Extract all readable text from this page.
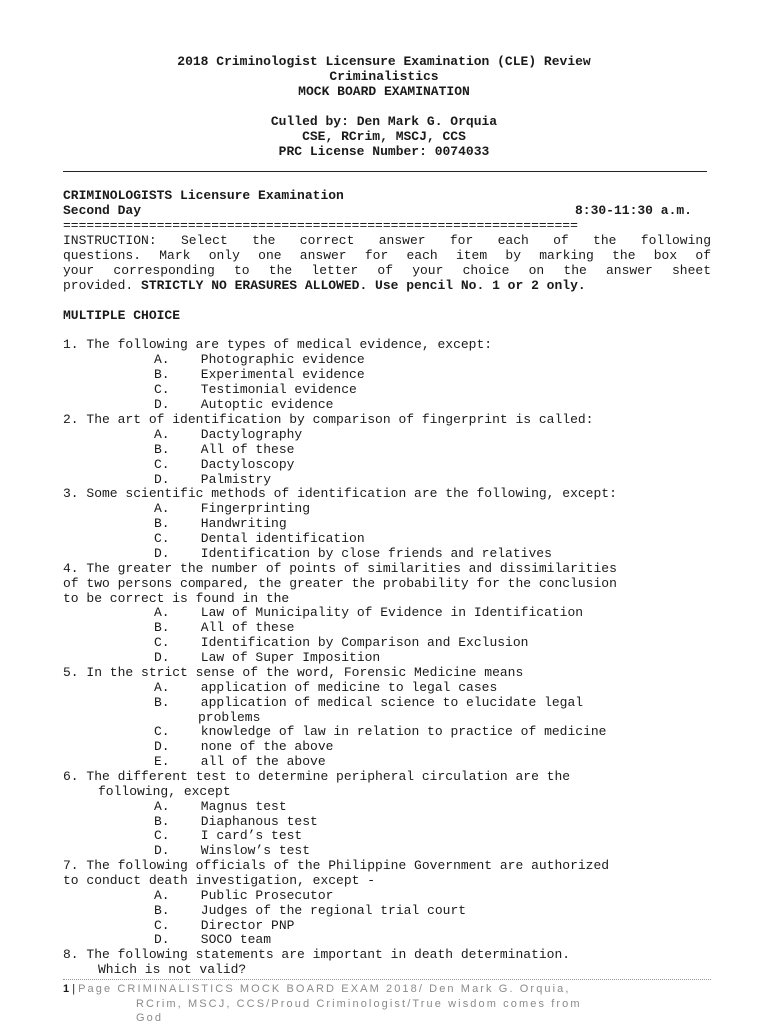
2018 Criminologist Licensure Examination (CLE) Review
Criminalistics
MOCK BOARD EXAMINATION
Culled by: Den Mark G. Orquia
CSE, RCrim, MSCJ, CCS
PRC License Number: 0074033
CRIMINOLOGISTS Licensure Examination
Second Day	8:30-11:30 a.m.
==================================================================
INSTRUCTION: Select the correct answer for each of the following
questions. Mark only one answer for each item by marking the box of
your corresponding to the letter of your choice on the answer sheet
provided. STRICTLY NO ERASURES ALLOWED. Use pencil No. 1 or 2 only.
MULTIPLE CHOICE
1. The following are types of medical evidence, except:
A.    Photographic evidence
B.    Experimental evidence
C.    Testimonial evidence
D.    Autoptic evidence
2. The art of identification by comparison of fingerprint is called:
A.    Dactylography
B.    All of these
C.    Dactyloscopy
D.    Palmistry
3. Some scientific methods of identification are the following, except:
A.    Fingerprinting
B.    Handwriting
C.    Dental identification
D.    Identification by close friends and relatives
4. The greater the number of points of similarities and dissimilarities
of two persons compared, the greater the probability for the conclusion
to be correct is found in the
A.    Law of Municipality of Evidence in Identification
B.    All of these
C.    Identification by Comparison and Exclusion
D.    Law of Super Imposition
5. In the strict sense of the word, Forensic Medicine means
A.    application of medicine to legal cases
B.    application of medical science to elucidate legal
problems
C.    knowledge of law in relation to practice of medicine
D.    none of the above
E.    all of the above
6. The different test to determine peripheral circulation are the
following, except
A.    Magnus test
B.    Diaphanous test
C.    I card’s test
D.    Winslow’s test
7. The following officials of the Philippine Government are authorized
to conduct death investigation, except -
A.    Public Prosecutor
B.    Judges of the regional trial court
C.    Director PNP
D.    SOCO team
8. The following statements are important in death determination.
Which is not valid?
1 | Page CRIMINALISTICS MOCK BOARD EXAM 2018/ Den Mark G. Orquia,
RCrim, MSCJ, CCS/Proud Criminologist/True wisdom comes from
God
